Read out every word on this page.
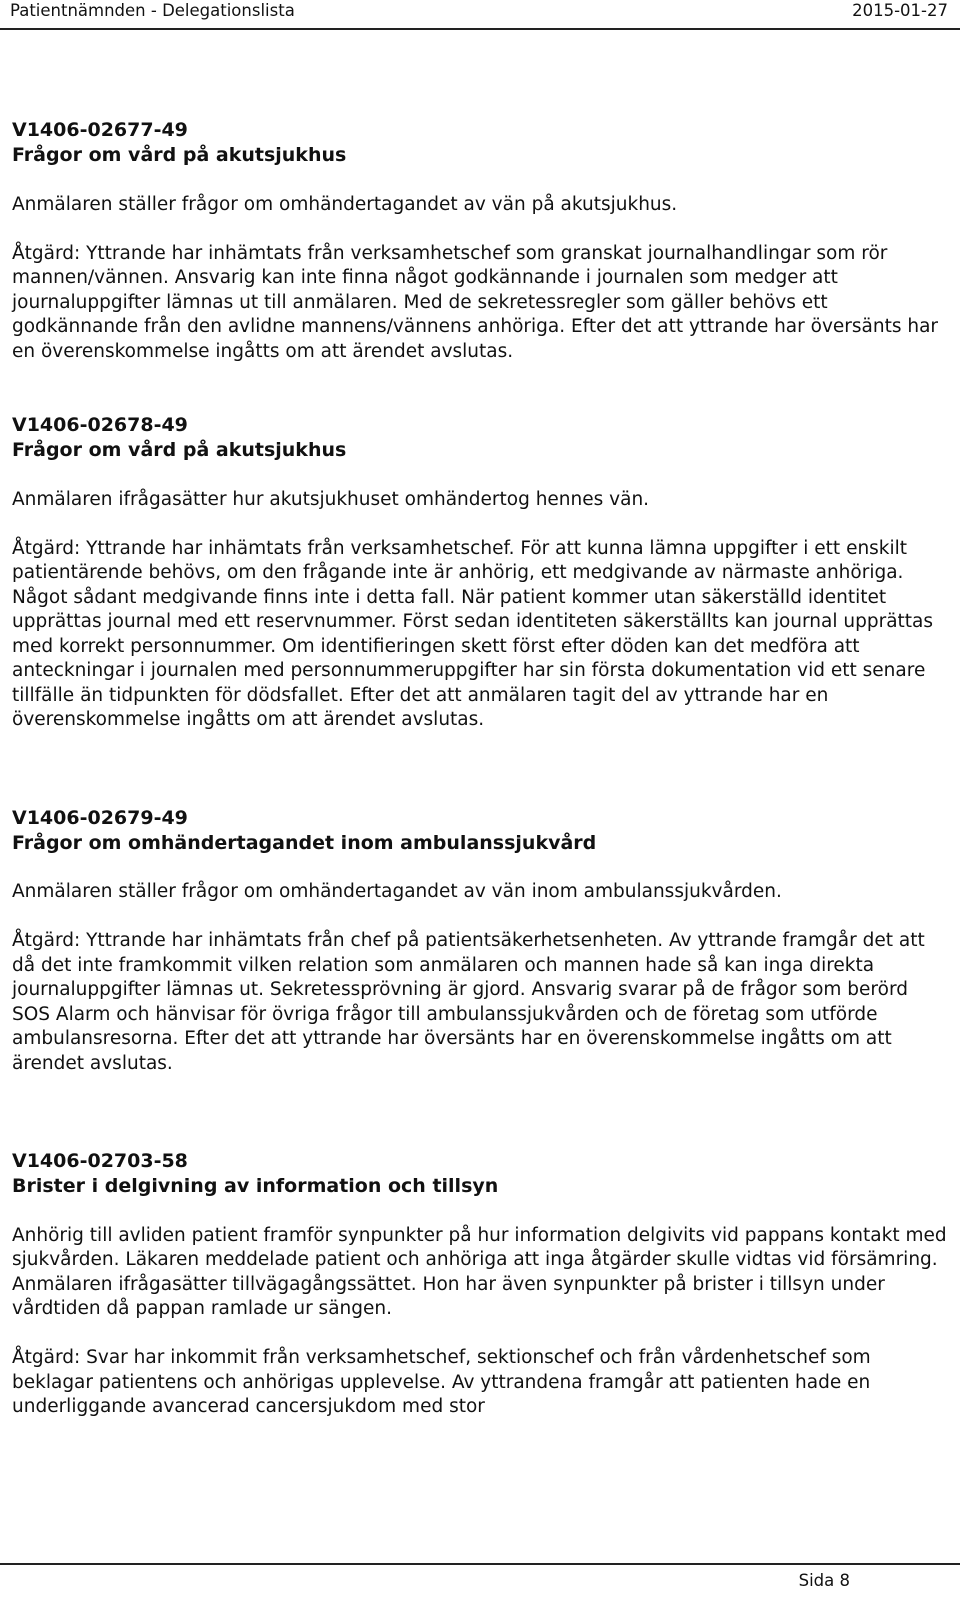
Patientnämnden - Delegationslista	2015-01-27

V1406-02677-49

Frågor om vård på akutsjukhus

Anmälaren ställer frågor om omhändertagandet av vän på akutsjukhus.

Åtgärd: Yttrande har inhämtats från verksamhetschef som granskat journalhandlingar som rör mannen/vännen. Ansvarig kan inte finna något godkännande i journalen som medger att journaluppgifter lämnas ut till anmälaren. Med de sekretessregler som gäller behövs ett godkännande från den avlidne mannens/vännens anhöriga. Efter det att yttrande har översänts har en överenskommelse ingåtts om att ärendet avslutas.

V1406-02678-49

Frågor om vård på akutsjukhus

Anmälaren ifrågasätter hur akutsjukhuset omhändertog hennes vän.

Åtgärd: Yttrande har inhämtats från verksamhetschef. För att kunna lämna uppgifter i ett enskilt patientärende behövs, om den frågande inte är anhörig, ett medgivande av närmaste anhöriga. Något sådant medgivande finns inte i detta fall. När patient kommer utan säkerställd identitet upprättas journal med ett reservnummer. Först sedan identiteten säkerställts kan journal upprättas med korrekt personnummer. Om identifieringen skett först efter döden kan det medföra att anteckningar i journalen med personnummeruppgifter har sin första dokumentation vid ett senare tillfälle än tidpunkten för dödsfallet. Efter det att anmälaren tagit del av yttrande har en överenskommelse ingåtts om att ärendet avslutas.

V1406-02679-49

Frågor om omhändertagandet inom ambulanssjukvård

Anmälaren ställer frågor om omhändertagandet av vän inom ambulanssjukvården.

Åtgärd: Yttrande har inhämtats från chef på patientsäkerhetsenheten. Av yttrande framgår det att då det inte framkommit vilken relation som anmälaren och mannen hade så kan inga direkta journaluppgifter lämnas ut. Sekretessprövning är gjord. Ansvarig svarar på de frågor som berörd SOS Alarm och hänvisar för övriga frågor till ambulanssjukvården och de företag som utförde ambulansresorna. Efter det att yttrande har översänts har en överenskommelse ingåtts om att ärendet avslutas.

V1406-02703-58

Brister i delgivning av information och tillsyn

Anhörig till avliden patient framför synpunkter på hur information delgivits vid pappans kontakt med sjukvården. Läkaren meddelade patient och anhöriga att inga åtgärder skulle vidtas vid försämring. Anmälaren ifrågasätter tillvägagångssättet. Hon har även synpunkter på brister i tillsyn under vårdtiden då pappan ramlade ur sängen.

Åtgärd: Svar har inkommit från verksamhetschef, sektionschef och från vårdenhetschef som beklagar patientens och anhörigas upplevelse. Av yttrandena framgår att patienten hade en underliggande avancerad cancersjukdom med stor

Sida 8
